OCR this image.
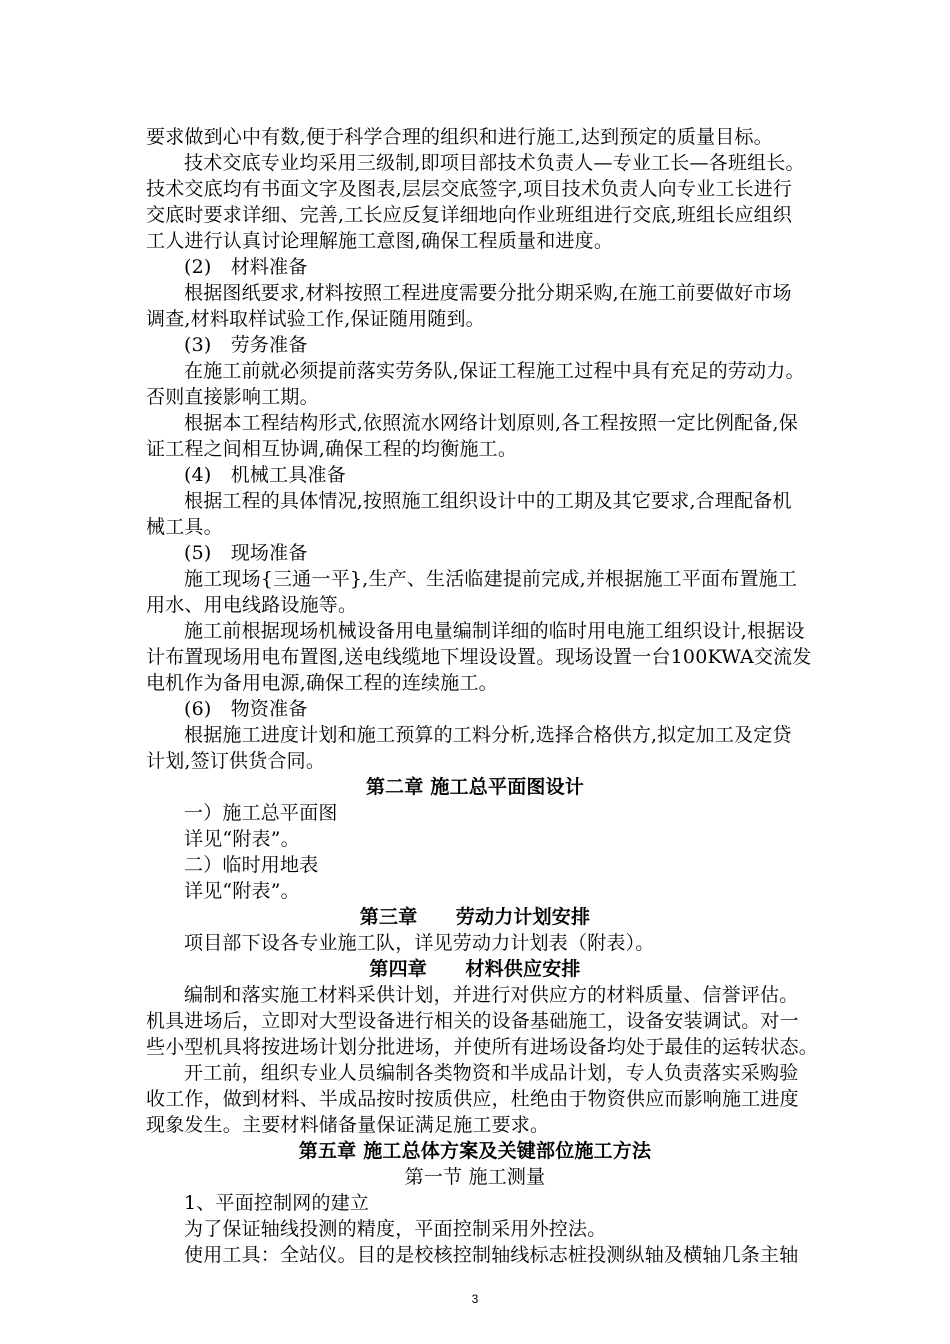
要求做到心中有数,便于科学合理的组织和进行施工,达到预定的质量目标。
技术交底专业均采用三级制,即项目部技术负责人—专业工长—各班组长。
技术交底均有书面文字及图表,层层交底签字,项目技术负责人向专业工长进行
交底时要求详细、完善,工长应反复详细地向作业班组进行交底,班组长应组织
工人进行认真讨论理解施工意图,确保工程质量和进度。
(2)　材料准备
根据图纸要求,材料按照工程进度需要分批分期采购,在施工前要做好市场
调查,材料取样试验工作,保证随用随到。
(3)　劳务准备
在施工前就必须提前落实劳务队,保证工程施工过程中具有充足的劳动力。
否则直接影响工期。
根据本工程结构形式,依照流水网络计划原则,各工程按照一定比例配备,保
证工程之间相互协调,确保工程的均衡施工。
(4)　机械工具准备
根据工程的具体情况,按照施工组织设计中的工期及其它要求,合理配备机
械工具。
(5)　现场准备
施工现场{三通一平},生产、生活临建提前完成,并根据施工平面布置施工
用水、用电线路设施等。
施工前根据现场机械设备用电量编制详细的临时用电施工组织设计,根据设
计布置现场用电布置图,送电线缆地下埋设设置。现场设置一台100KWA交流发
电机作为备用电源,确保工程的连续施工。
(6)　物资准备
根据施工进度计划和施工预算的工料分析,选择合格供方,拟定加工及定贷
计划,签订供货合同。
第二章 施工总平面图设计
一）施工总平面图
详见“附表”。
二）临时用地表
详见“附表”。
第三章　　劳动力计划安排
项目部下设各专业施工队，详见劳动力计划表（附表）。
第四章　　材料供应安排
编制和落实施工材料采供计划，并进行对供应方的材料质量、信誉评估。
机具进场后，立即对大型设备进行相关的设备基础施工，设备安装调试。对一
些小型机具将按进场计划分批进场，并使所有进场设备均处于最佳的运转状态。
开工前，组织专业人员编制各类物资和半成品计划，专人负责落实采购验
收工作，做到材料、半成品按时按质供应，杜绝由于物资供应而影响施工进度
现象发生。主要材料储备量保证满足施工要求。
第五章 施工总体方案及关键部位施工方法
第一节 施工测量
1、平面控制网的建立
为了保证轴线投测的精度，平面控制采用外控法。
使用工具：全站仪。目的是校核控制轴线标志桩投测纵轴及横轴几条主轴
3
